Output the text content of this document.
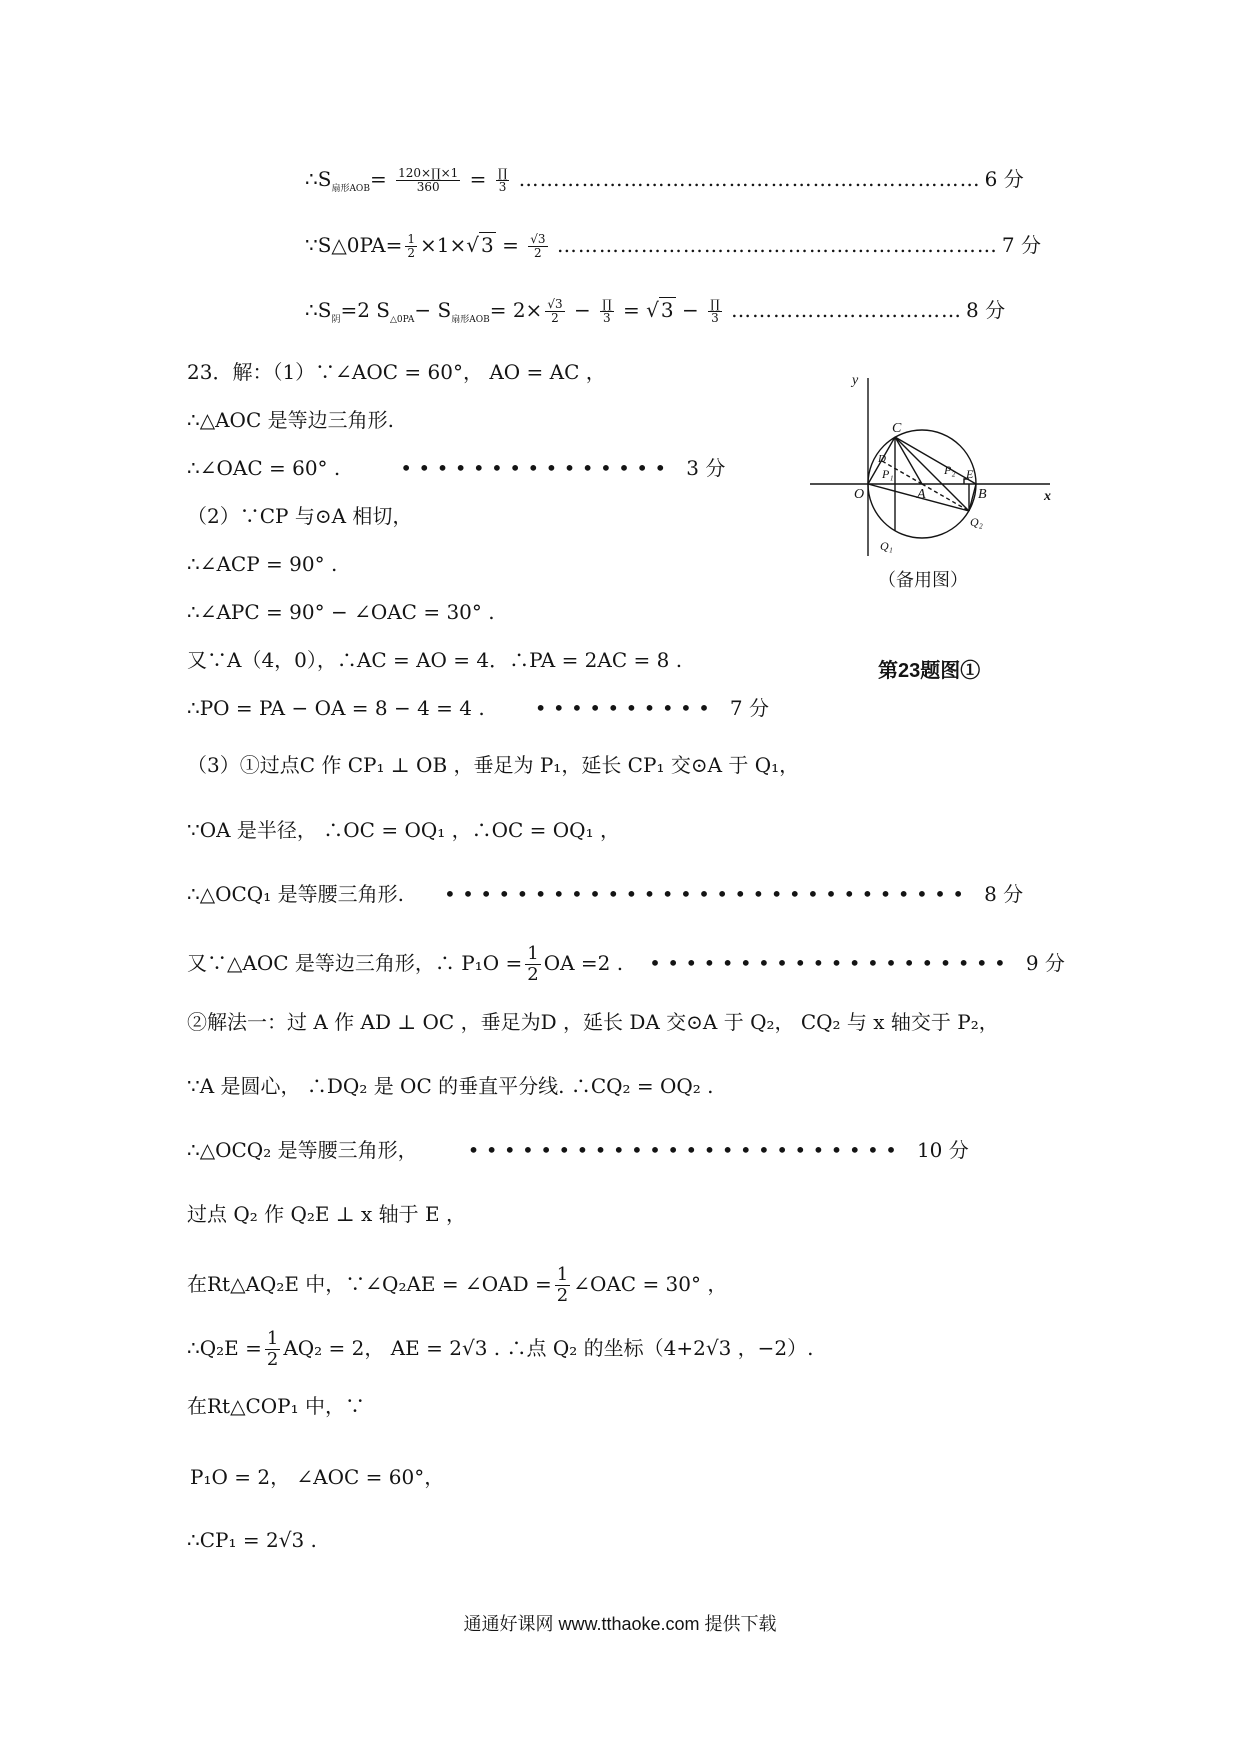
$\therefore S_{扇形AOB}= \frac{120\times\prod\times 1}{360} = \frac{\prod}{3}$ ………………………………………………………… 6 分
∵S△0PA= $\frac{1}{2} \times 1\times√$ $3 = \frac{√3}{2}$ ……………………………………………………… 7 分
$\therefore S_阴=2$ $S_{\triangle 0PA}- S_{扇形AOB}= 2\times \frac{√3}{2} - \frac{\prod}{3}$ = √ $3 - \frac{\prod}{3}$ …………………………… 8 分
23．解：（1）∵∠AOC = 60°， AO = AC ，
∴△AOC 是等边三角形.
∴∠OAC = 60° .	• • • • • • • • • • • • • • • 3 分
（2）∵CP 与⊙A 相切，
∴∠ACP = 90° .
∴∠APC = 90° − ∠OAC = 30° .
又∵A（4，0），∴AC = AO = 4．∴PA = 2AC = 8 .
∴PO = PA − OA = 8 − 4 = 4 .	• • • • • • • • • • 7 分
（3）①过点C 作 CP₁ ⊥ OB ，垂足为 P₁，延长 CP₁ 交⊙A 于 Q₁，
∵OA 是半径， ∴OC = OQ₁ ，∴OC = OQ₁ ，
∴△OCQ₁ 是等腰三角形. • • • • • • • • • • • • • • • • • • • • • • • • • • • • • 8 分
又∵△AOC 是等边三角形，∴ $P_1O = \frac{1}{2}$ OA =2 . • • • • • • • • • • • • • • • • • • • • 9 分
②解法一：过 A 作 AD ⊥ OC ，垂足为D ，延长 DA 交⊙A 于 Q₂， CQ₂ 与 x 轴交于 P₂，
∵A 是圆心， ∴DQ₂ 是 OC 的垂直平分线. ∴CQ₂ = OQ₂ .
∴△OCQ₂ 是等腰三角形，	• • • • • • • • • • • • • • • • • • • • • • • • 10 分
过点 Q₂ 作 Q₂E ⊥ x 轴于 E ，
在Rt△AQ₂E 中，∵∠Q₂AE = ∠OAD = $\frac{1}{2}$ ∠OAC = 30° ，
∴Q₂E = $\frac{1}{2} AQ_2 = 2$， AE = 2√3 . ∴点 Q₂ 的坐标（4+2√3 ，−2）.
在Rt△COP₁ 中，∵
P₁O = 2， ∠AOC = 60°，
∴CP₁ = 2√3 .
y
x
C
D
P₁	P₂ E
O	A	B
Q₁
Q₂
（备用图）
第23题图①
通通好课网 www.tthaoke.com 提供下载
